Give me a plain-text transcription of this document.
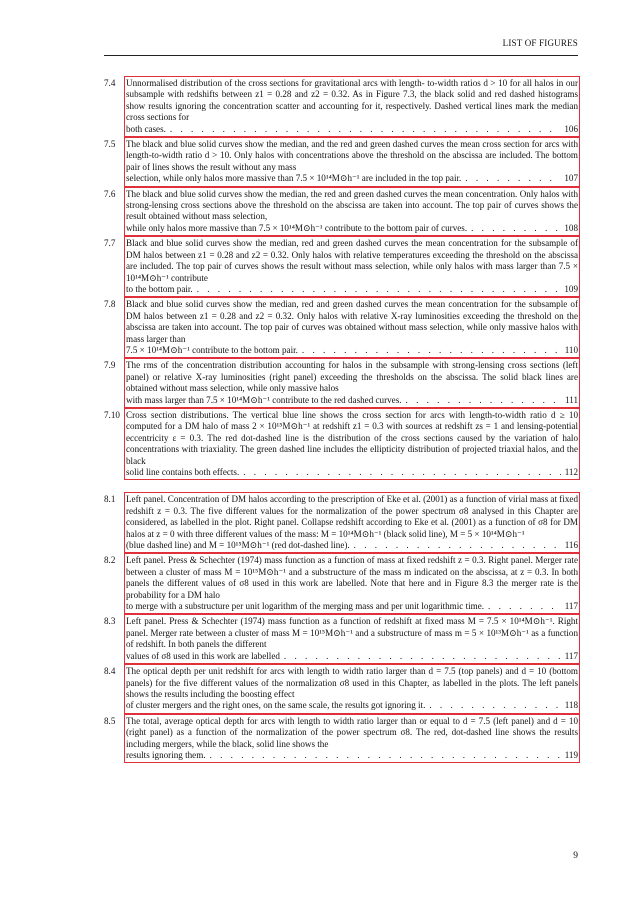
LIST OF FIGURES
7.4 Unnormalised distribution of the cross sections for gravitational arcs with length- to-width ratios d > 10 for all halos in our subsample with redshifts between z1 = 0.28 and z2 = 0.32. As in Figure 7.3, the black solid and red dashed histograms show results ignoring the concentration scatter and accounting for it, respectively. Dashed vertical lines mark the median cross sections for
both cases. . . .	106
7.5 The black and blue solid curves show the median, and the red and green dashed curves the mean cross section for arcs with length-to-width ratio d > 10. Only halos with concentrations above the threshold on the abscissa are included. The bottom pair of lines shows the result without any mass
selection, while only halos more massive than 7.5 × 10¹⁴M⊙h⁻¹ are included in the top pair. . . .	107
7.6 The black and blue solid curves show the median, the red and green dashed curves the mean concentration. Only halos with strong-lensing cross sections above the threshold on the abscissa are taken into account. The top pair of curves shows the result obtained without mass selection,
while only halos more massive than 7.5 × 10¹⁴M⊙h⁻¹ contribute to the bottom pair of curves. . . .	108
7.7 Black and blue solid curves show the median, red and green dashed curves the mean concentration for the subsample of DM halos between z1 = 0.28 and z2 = 0.32. Only halos with relative temperatures exceeding the threshold on the abscissa are included. The top pair of curves shows the result without mass selection, while only halos with mass larger than 7.5 × 10¹⁴M⊙h⁻¹ contribute
to the bottom pair. . . .	109
7.8 Black and blue solid curves show the median, red and green dashed curves the mean concentration for the subsample of DM halos between z1 = 0.28 and z2 = 0.32. Only halos with relative X-ray luminosities exceeding the threshold on the abscissa are taken into account. The top pair of curves was obtained without mass selection, while only massive halos with mass larger than
7.5 × 10¹⁴M⊙h⁻¹ contribute to the bottom pair. . . .	110
7.9 The rms of the concentration distribution accounting for halos in the subsample with strong-lensing cross sections (left panel) or relative X-ray luminosities (right panel) exceeding the thresholds on the abscissa. The solid black lines are obtained without mass selection, while only massive halos
with mass larger than 7.5 × 10¹⁴M⊙h⁻¹ contribute to the red dashed curves. . . .	111
7.10 Cross section distributions. The vertical blue line shows the cross section for arcs with length-to-width ratio d ≥ 10 computed for a DM halo of mass 2 × 10¹⁵M⊙h⁻¹ at redshift z1 = 0.3 with sources at redshift zs = 1 and lensing-potential eccentricity ε = 0.3. The red dot-dashed line is the distribution of the cross sections caused by the variation of halo concentrations with triaxiality. The green dashed line includes the ellipticity distribution of projected triaxial halos, and the black
solid line contains both effects. . . .	112
8.1 Left panel. Concentration of DM halos according to the prescription of Eke et al. (2001) as a function of virial mass at fixed redshift z = 0.3. The five different values for the normalization of the power spectrum σ8 analysed in this Chapter are considered, as labelled in the plot. Right panel. Collapse redshift according to Eke et al. (2001) as a function of σ8 for DM halos at z = 0 with three different values of the mass: M = 10¹⁴M⊙h⁻¹ (black solid line), M = 5 × 10¹⁴M⊙h⁻¹
(blue dashed line) and M = 10¹⁵M⊙h⁻¹ (red dot-dashed line). . . .	116
8.2 Left panel. Press & Schechter (1974) mass function as a function of mass at fixed redshift z = 0.3. Right panel. Merger rate between a cluster of mass M = 10¹⁵M⊙h⁻¹ and a substructure of the mass m indicated on the abscissa, at z = 0.3. In both panels the different values of σ8 used in this work are labelled. Note that here and in Figure 8.3 the merger rate is the probability for a DM halo
to merge with a substructure per unit logarithm of the merging mass and per unit logarithmic time. . . .	117
8.3 Left panel. Press & Schechter (1974) mass function as a function of redshift at fixed mass M = 7.5 × 10¹⁴M⊙h⁻¹. Right panel. Merger rate between a cluster of mass M = 10¹⁵M⊙h⁻¹ and a substructure of mass m = 5 × 10¹³M⊙h⁻¹ as a function of redshift. In both panels the different
values of σ8 used in this work are labelled . . .	117
8.4 The optical depth per unit redshift for arcs with length to width ratio larger than d = 7.5 (top panels) and d = 10 (bottom panels) for the five different values of the normalization σ8 used in this Chapter, as labelled in the plots. The left panels shows the results including the boosting effect
of cluster mergers and the right ones, on the same scale, the results got ignoring it. . . .	118
8.5 The total, average optical depth for arcs with length to width ratio larger than or equal to d = 7.5 (left panel) and d = 10 (right panel) as a function of the normalization of the power spectrum σ8. The red, dot-dashed line shows the results including mergers, while the black, solid line shows the
results ignoring them. . . .	119
9
